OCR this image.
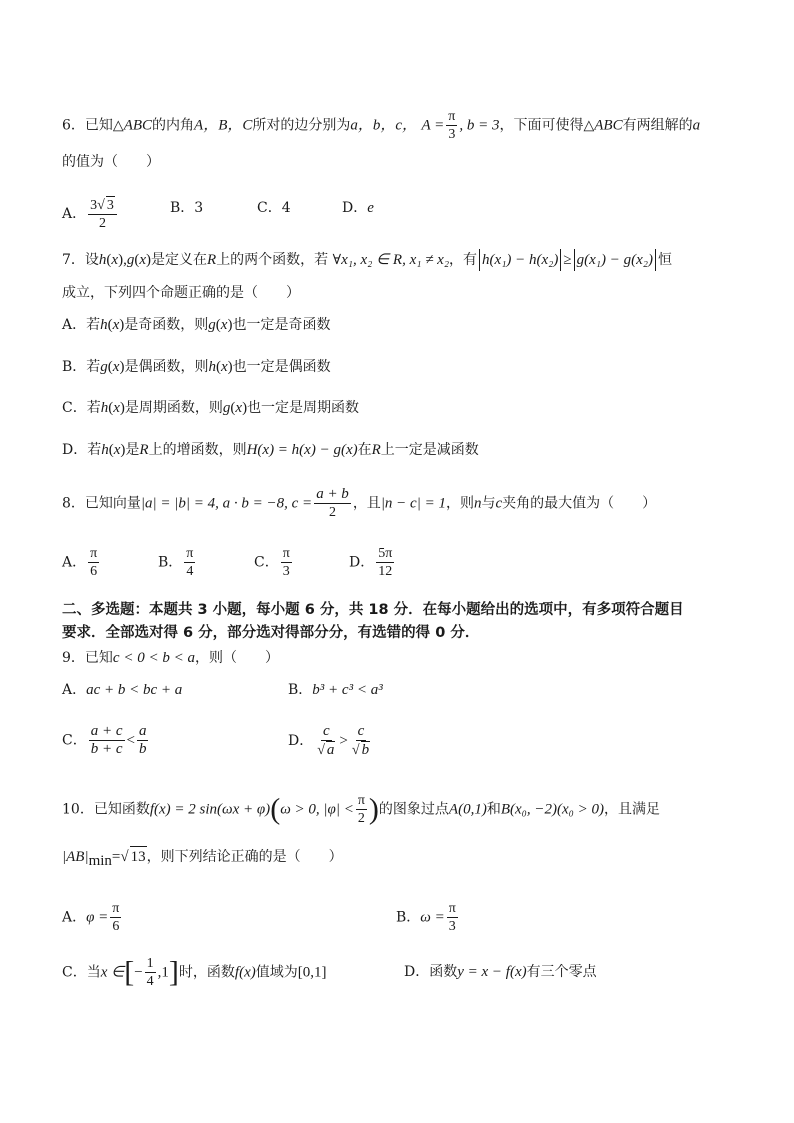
6．已知△ABC的内角A，B，C所对的边分别为a，b，c， $A = \frac{\pi}{3}$ , b = 3，下面可使得△ABC有两组解的a
的值为（　　）
A． $\frac{3√ 3}{2}$	B．3	C．4	D．e
7．设h(x),g(x)是定义在R上的两个函数，若 ∀x₁, x₂ ∈ R, x₁ ≠ x₂，有 h(x₁) − h(x₂) ≥ g(x₁) − g(x₂) 恒
成立，下列四个命题正确的是（　　）
A．若h(x)是奇函数，则g(x)也一定是奇函数
B．若g(x)是偶函数，则h(x)也一定是偶函数
C．若h(x)是周期函数，则g(x)也一定是周期函数
D．若h(x)是R上的增函数，则H(x) = h(x) − g(x)在R上一定是减函数
8．已知向量|a| = |b| = 4, a · b = −8, $c = \frac{a + b}{2}$ ，且|n − c| = 1，则n与c夹角的最大值为（　　）
A． $\frac{\pi}{6}$	B． $\frac{\pi}{4}$	C． $\frac{\pi}{3}$	D． $\frac{5\pi}{12}$
二、多选题：本题共 3 小题，每小题 6 分，共 18 分．在每小题给出的选项中，有多项符合题目
要求．全部选对得 6 分，部分选对得部分分，有选错的得 0 分．
9．已知c < 0 < b < a，则（　　）
A．ac + b < bc + a	B．b³ + c³ < a³
C． $\frac{a + c}{b + c} < \frac{a}{b}$	D． $\frac{c}{√ a} > \frac{c}{√ b}$
10．已知函数f(x) = 2 sin(ωx + φ)(ω > 0, $|\varphi| < \frac{\pi}{2}$ )的图象过点A(0,1)和B(x₀, −2)(x₀ > 0)，且满足
$|AB|_{min}=√$ 13，则下列结论正确的是（　　）
A．$\varphi = \frac{\pi}{6}$	B．$\omega = \frac{\pi}{3}$
C．当x ∈[− $\frac{1}{4} ,1$]时，函数f(x)值域为[0,1]	D．函数y = x − f(x)有三个零点
